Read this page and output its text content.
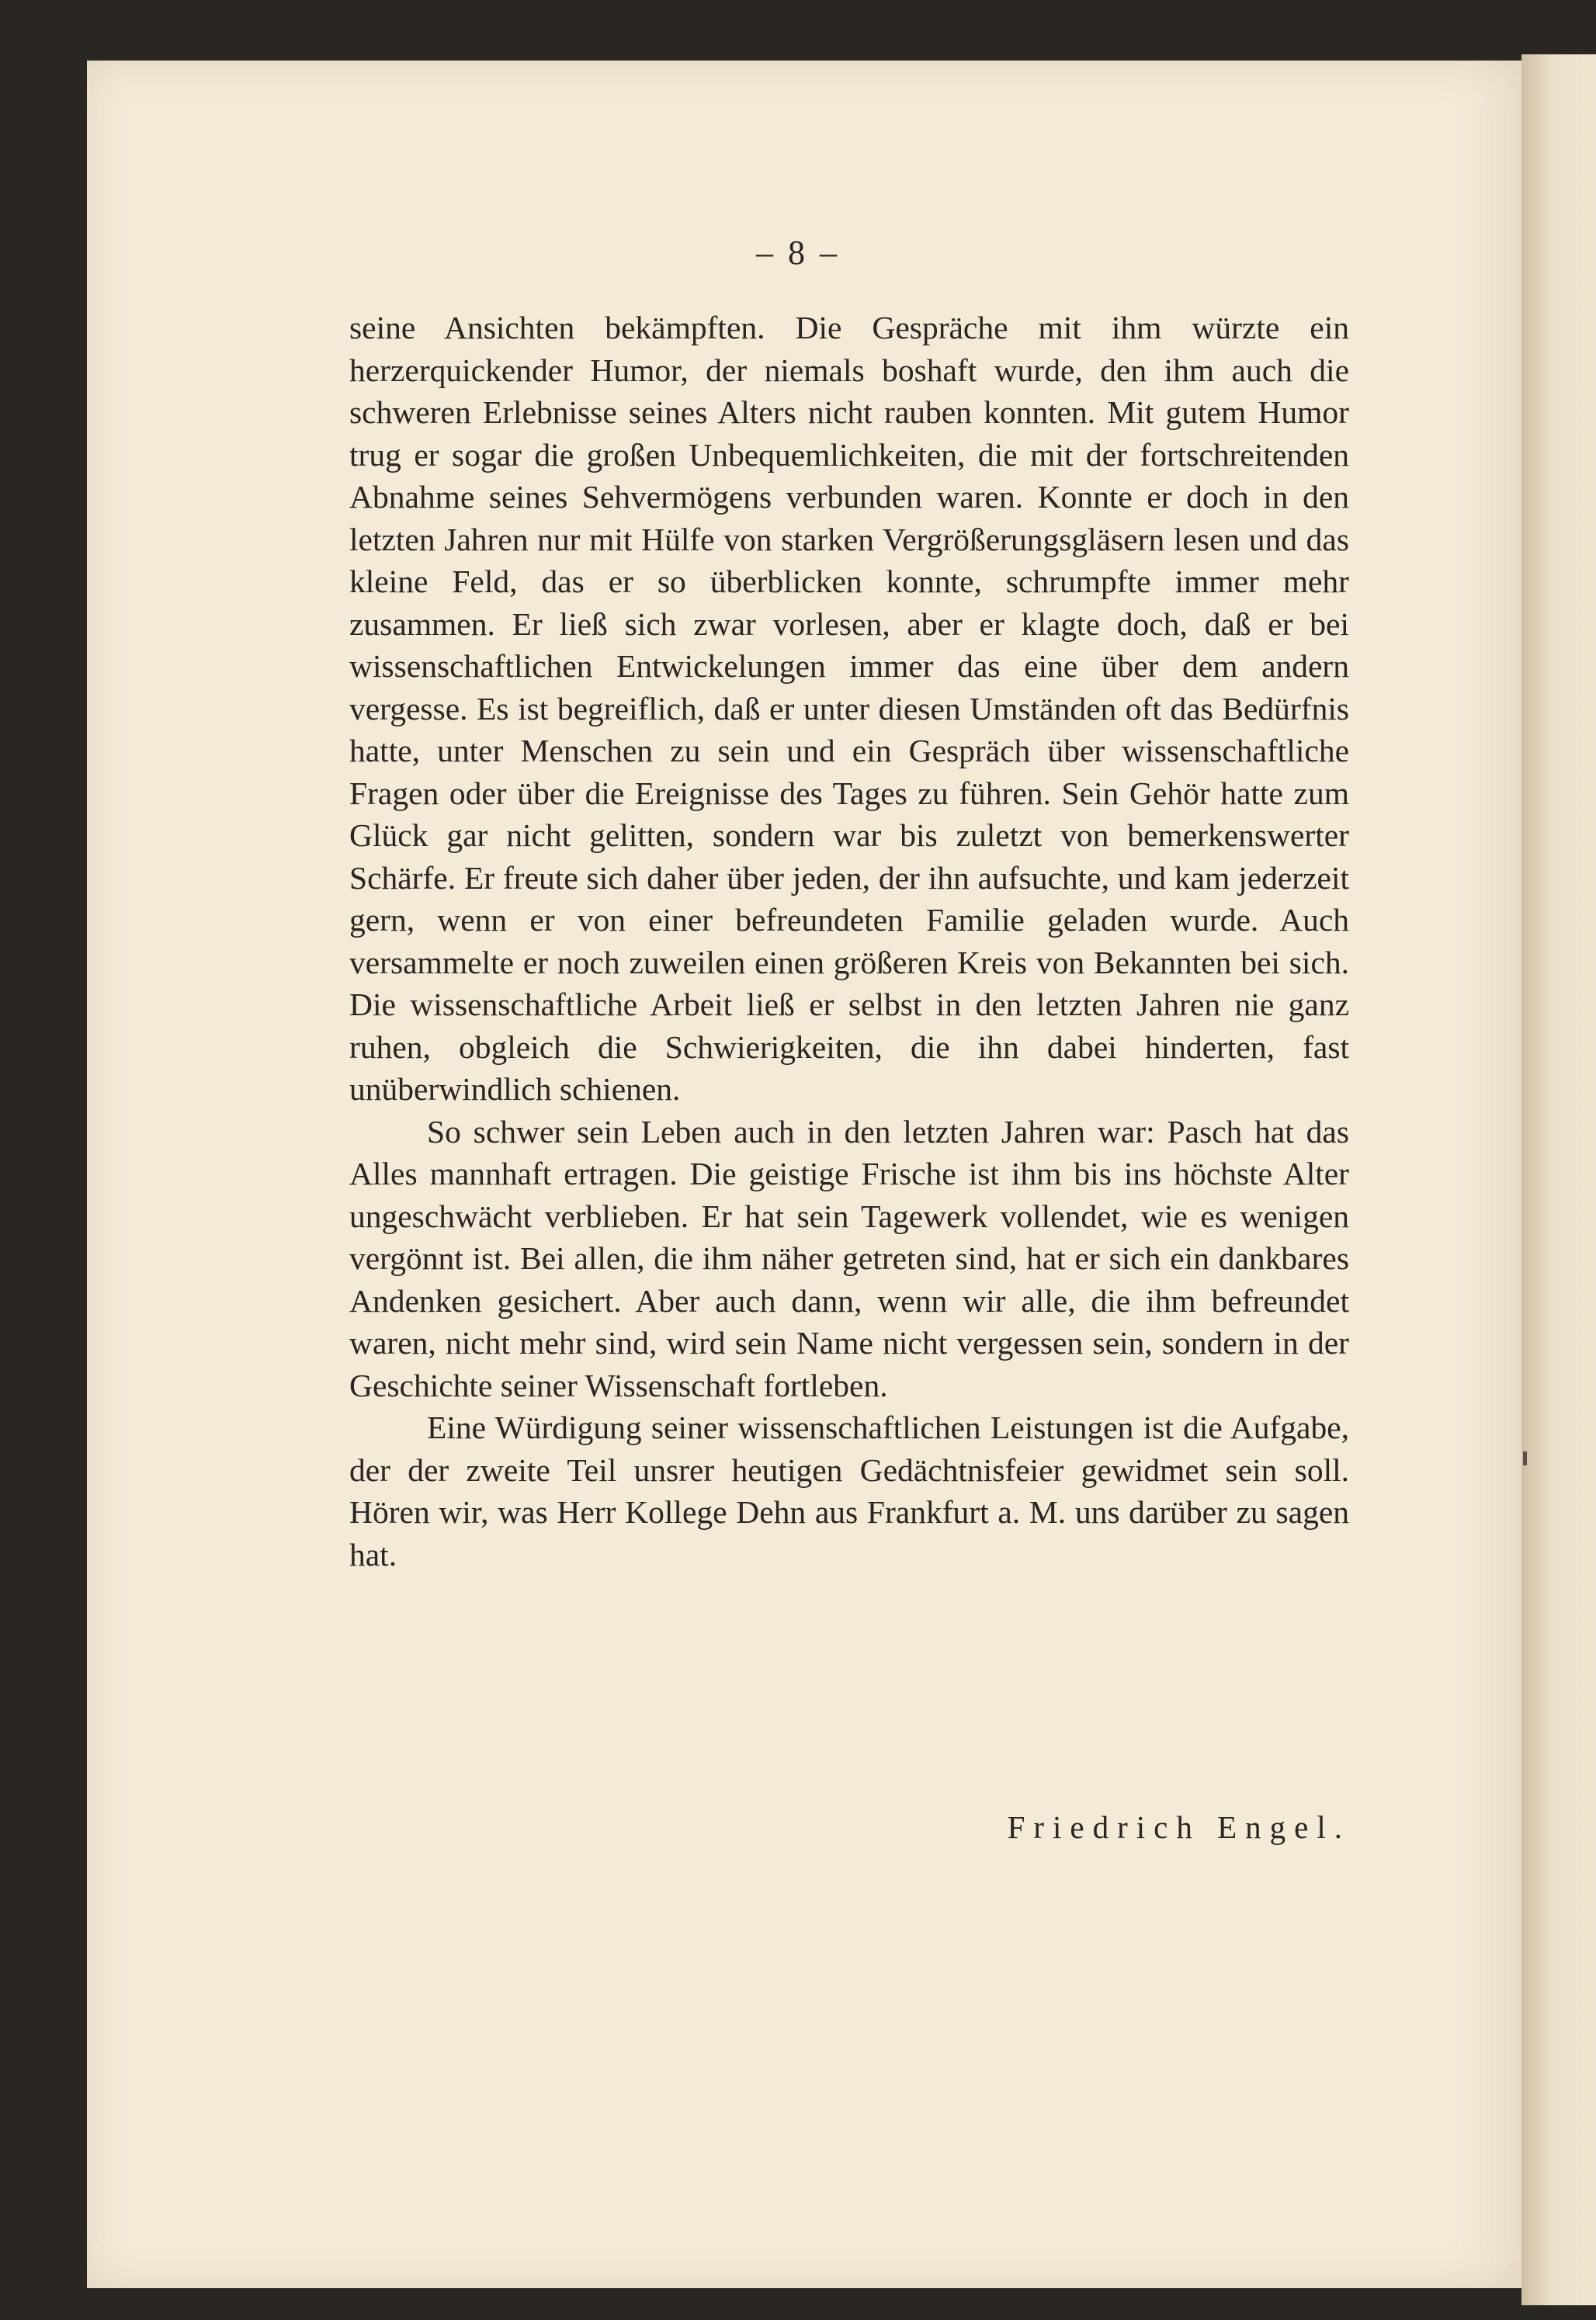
– 8 –

seine Ansichten bekämpften. Die Gespräche mit ihm würzte ein herzerquickender Humor, der niemals boshaft wurde, den ihm auch die schweren Erlebnisse seines Alters nicht rauben konnten. Mit gutem Humor trug er sogar die großen Unbequemlichkeiten, die mit der fortschreitenden Abnahme seines Sehvermögens verbunden waren. Konnte er doch in den letzten Jahren nur mit Hülfe von starken Vergrößerungsgläsern lesen und das kleine Feld, das er so überblicken konnte, schrumpfte immer mehr zusammen. Er ließ sich zwar vorlesen, aber er klagte doch, daß er bei wissenschaftlichen Entwickelungen immer das eine über dem andern vergesse. Es ist begreiflich, daß er unter diesen Umständen oft das Bedürfnis hatte, unter Menschen zu sein und ein Gespräch über wissenschaftliche Fragen oder über die Ereignisse des Tages zu führen. Sein Gehör hatte zum Glück gar nicht gelitten, sondern war bis zuletzt von bemerkenswerter Schärfe. Er freute sich daher über jeden, der ihn aufsuchte, und kam jederzeit gern, wenn er von einer befreundeten Familie geladen wurde. Auch versammelte er noch zuweilen einen größeren Kreis von Bekannten bei sich. Die wissenschaftliche Arbeit ließ er selbst in den letzten Jahren nie ganz ruhen, obgleich die Schwierigkeiten, die ihn dabei hinderten, fast unüberwindlich schienen.

So schwer sein Leben auch in den letzten Jahren war: Pasch hat das Alles mannhaft ertragen. Die geistige Frische ist ihm bis ins höchste Alter ungeschwächt verblieben. Er hat sein Tagewerk vollendet, wie es wenigen vergönnt ist. Bei allen, die ihm näher getreten sind, hat er sich ein dankbares Andenken gesichert. Aber auch dann, wenn wir alle, die ihm befreundet waren, nicht mehr sind, wird sein Name nicht vergessen sein, sondern in der Geschichte seiner Wissenschaft fortleben.

Eine Würdigung seiner wissenschaftlichen Leistungen ist die Aufgabe, der der zweite Teil unsrer heutigen Gedächtnisfeier gewidmet sein soll. Hören wir, was Herr Kollege Dehn aus Frankfurt a. M. uns darüber zu sagen hat.

Friedrich Engel.
